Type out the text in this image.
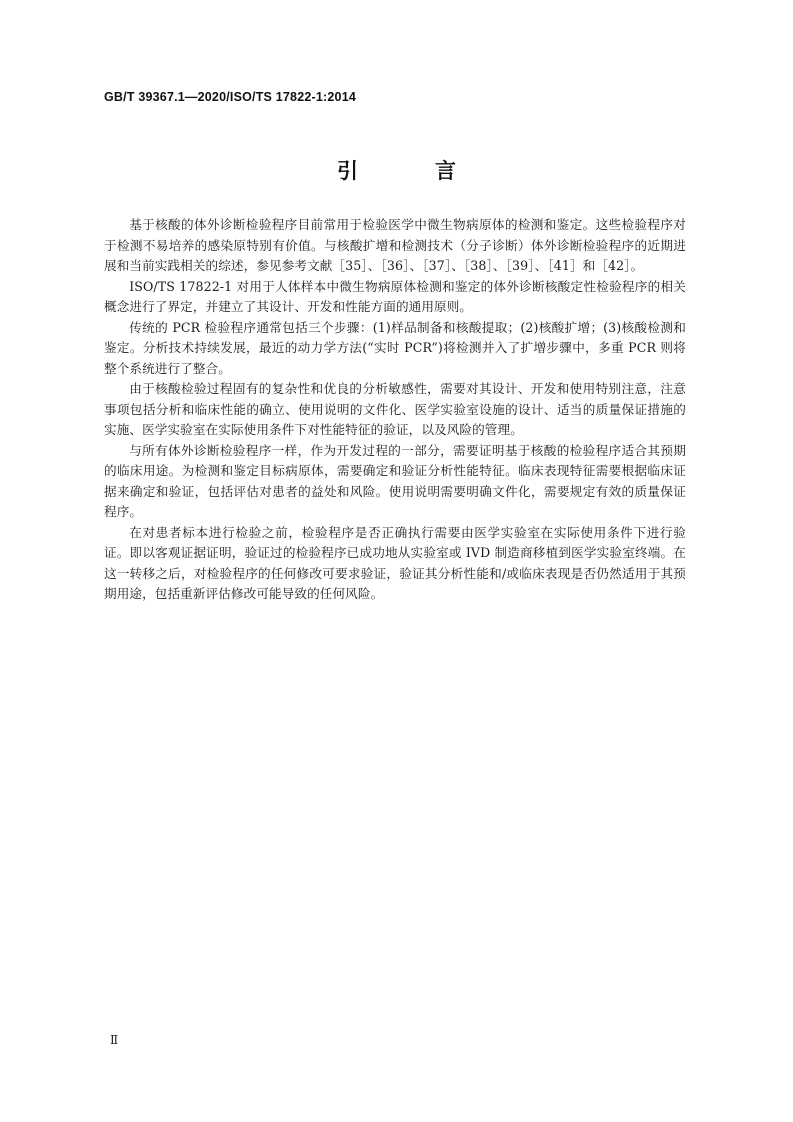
GB/T 39367.1—2020/ISO/TS 17822-1:2014
引　言

基于核酸的体外诊断检验程序目前常用于检验医学中微生物病原体的检测和鉴定。这些检验程序对于检测不易培养的感染原特别有价值。与核酸扩增和检测技术（分子诊断）体外诊断检验程序的近期进展和当前实践相关的综述，参见参考文献［35］、［36］、［37］、［38］、［39］、［41］和［42］。

ISO/TS 17822-1 对用于人体样本中微生物病原体检测和鉴定的体外诊断核酸定性检验程序的相关概念进行了界定，并建立了其设计、开发和性能方面的通用原则。

传统的 PCR 检验程序通常包括三个步骤：(1)样品制备和核酸提取；(2)核酸扩增；(3)核酸检测和鉴定。分析技术持续发展，最近的动力学方法(“实时 PCR”)将检测并入了扩增步骤中，多重 PCR 则将整个系统进行了整合。

由于核酸检验过程固有的复杂性和优良的分析敏感性，需要对其设计、开发和使用特别注意，注意事项包括分析和临床性能的确立、使用说明的文件化、医学实验室设施的设计、适当的质量保证措施的实施、医学实验室在实际使用条件下对性能特征的验证，以及风险的管理。

与所有体外诊断检验程序一样，作为开发过程的一部分，需要证明基于核酸的检验程序适合其预期的临床用途。为检测和鉴定目标病原体，需要确定和验证分析性能特征。临床表现特征需要根据临床证据来确定和验证，包括评估对患者的益处和风险。使用说明需要明确文件化，需要规定有效的质量保证程序。

在对患者标本进行检验之前，检验程序是否正确执行需要由医学实验室在实际使用条件下进行验证。即以客观证据证明，验证过的检验程序已成功地从实验室或 IVD 制造商移植到医学实验室终端。在这一转移之后，对检验程序的任何修改可要求验证，验证其分析性能和/或临床表现是否仍然适用于其预期用途，包括重新评估修改可能导致的任何风险。

Ⅱ
